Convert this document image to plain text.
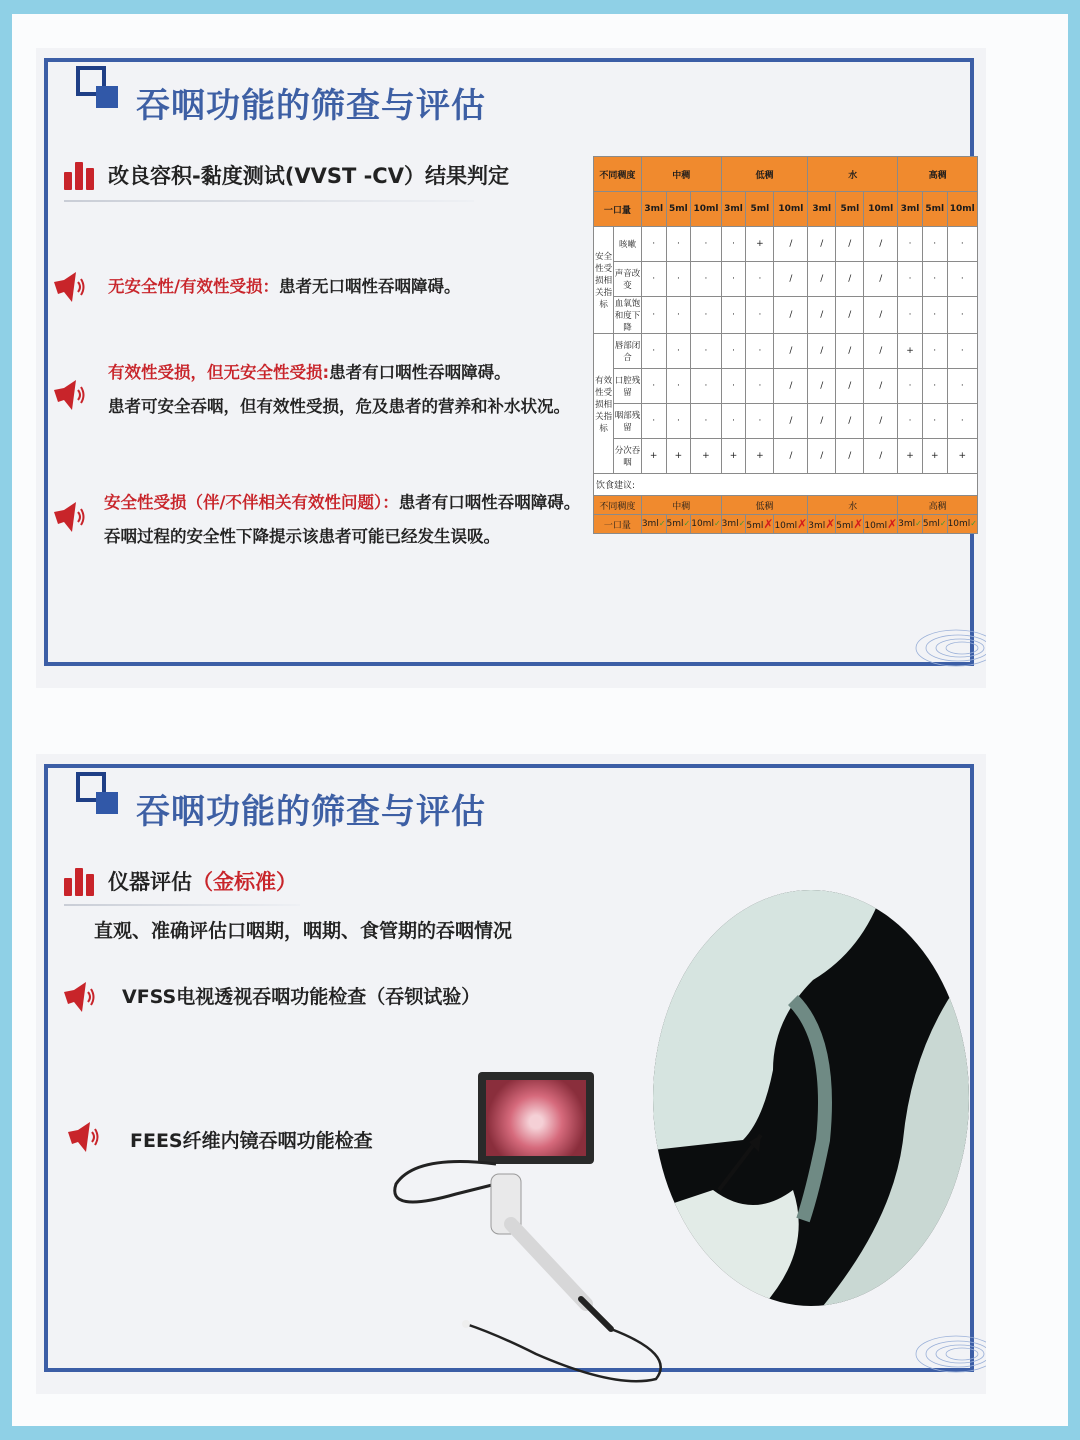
吞咽功能的筛查与评估
改良容积-黏度测试(VVST -CV）结果判定
无安全性/有效性受损：患者无口咽性吞咽障碍。
有效性受损，但无安全性受损:患者有口咽性吞咽障碍。
患者可安全吞咽，但有效性受损，危及患者的营养和补水状况。
安全性受损（伴/不伴相关有效性问题）：患者有口咽性吞咽障碍。
吞咽过程的安全性下降提示该患者可能已经发生误吸。
不同稠度		中稠			低稠			水			高稠		
一口量		3ml	5ml	10ml	3ml	5ml	10ml	3ml	5ml	10ml	3ml	5ml	10ml
安全性受损相关指标	咳嗽	·	·	·	·	+	/	/	/	/	·	·	·
	声音改变	·	·	·	·	·	/	/	/	/	·	·	·
	血氧饱和度下降	·	·	·	·	·	/	/	/	/	·	·	·
有效性受损相关指标	唇部闭合	·	·	·	·	·	/	/	/	/	+	·	·
	口腔残留	·	·	·	·	·	/	/	/	/	·	·	·
	咽部残留	·	·	·	·	·	/	/	/	/	·	·	·
	分次吞咽	+	+	+	+	+	/	/	/	/	+	+	+
饮食建议:													
不同稠度		中稠			低稠			水			高稠		
一口量		3ml✓	5ml✓	10ml✓	3ml✓	5ml✗	10ml✗	3ml✗	5ml✗	10ml✗	3ml✓	5ml✓	10ml✓
吞咽功能的筛查与评估
仪器评估（金标准）
直观、准确评估口咽期，咽期、食管期的吞咽情况
VFSS电视透视吞咽功能检查（吞钡试验）
FEES纤维内镜吞咽功能检查
